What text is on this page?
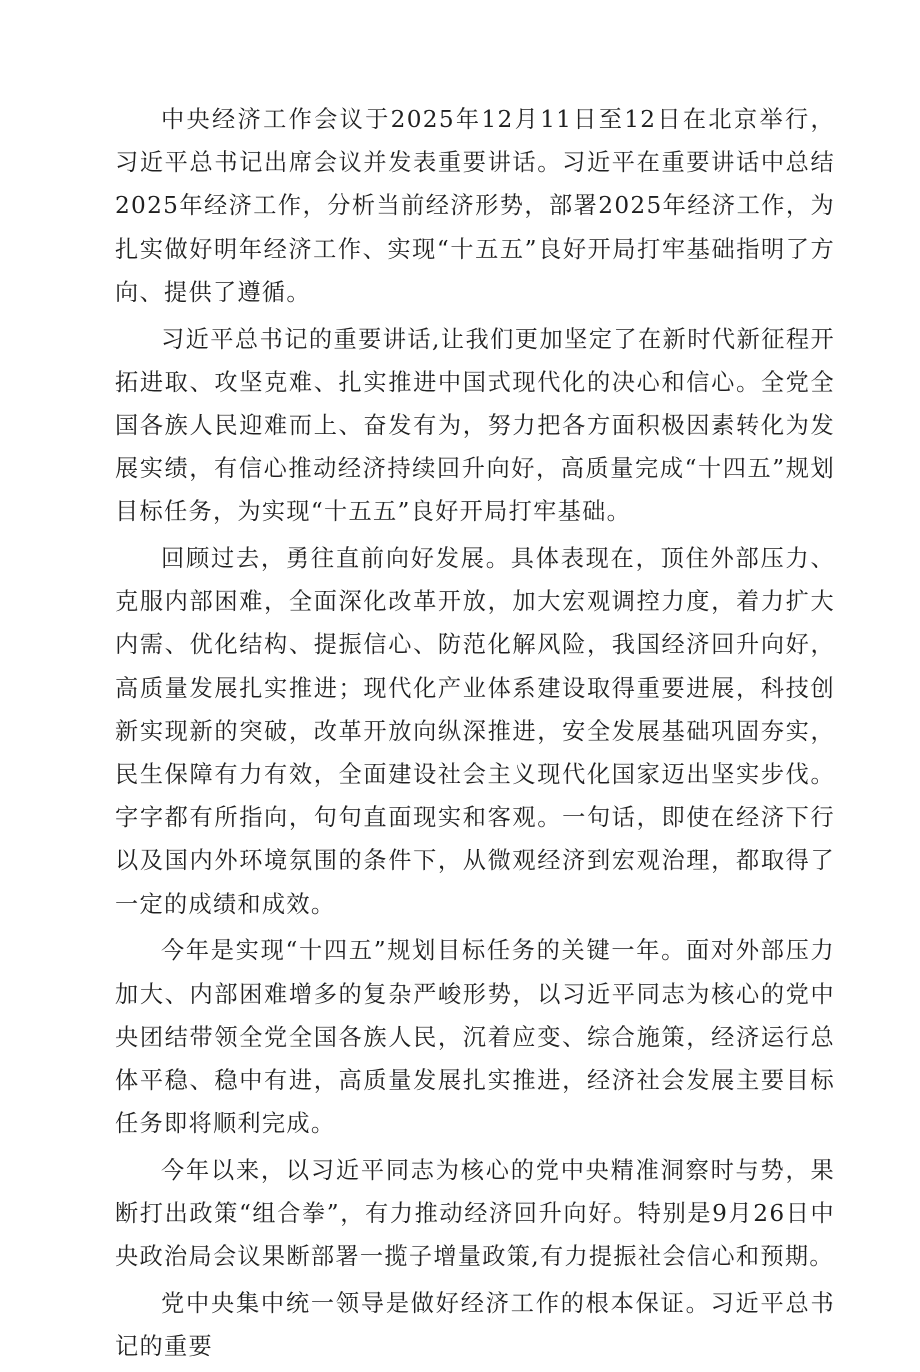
中央经济工作会议于2025年12月11日至12日在北京举行，习近平总书记出席会议并发表重要讲话。习近平在重要讲话中总结2025年经济工作，分析当前经济形势，部署2025年经济工作，为扎实做好明年经济工作、实现“十五五”良好开局打牢基础指明了方向、提供了遵循。

习近平总书记的重要讲话,让我们更加坚定了在新时代新征程开拓进取、攻坚克难、扎实推进中国式现代化的决心和信心。全党全国各族人民迎难而上、奋发有为，努力把各方面积极因素转化为发展实绩，有信心推动经济持续回升向好，高质量完成“十四五”规划目标任务，为实现“十五五”良好开局打牢基础。

回顾过去，勇往直前向好发展。具体表现在，顶住外部压力、克服内部困难，全面深化改革开放，加大宏观调控力度，着力扩大内需、优化结构、提振信心、防范化解风险，我国经济回升向好，高质量发展扎实推进；现代化产业体系建设取得重要进展，科技创新实现新的突破，改革开放向纵深推进，安全发展基础巩固夯实，民生保障有力有效，全面建设社会主义现代化国家迈出坚实步伐。字字都有所指向，句句直面现实和客观。一句话，即使在经济下行以及国内外环境氛围的条件下，从微观经济到宏观治理，都取得了一定的成绩和成效。

今年是实现“十四五”规划目标任务的关键一年。面对外部压力加大、内部困难增多的复杂严峻形势，以习近平同志为核心的党中央团结带领全党全国各族人民，沉着应变、综合施策，经济运行总体平稳、稳中有进，高质量发展扎实推进，经济社会发展主要目标任务即将顺利完成。

今年以来，以习近平同志为核心的党中央精准洞察时与势，果断打出政策“组合拳”，有力推动经济回升向好。特别是9月26日中央政治局会议果断部署一揽子增量政策,有力提振社会信心和预期。

党中央集中统一领导是做好经济工作的根本保证。习近平总书记的重要
